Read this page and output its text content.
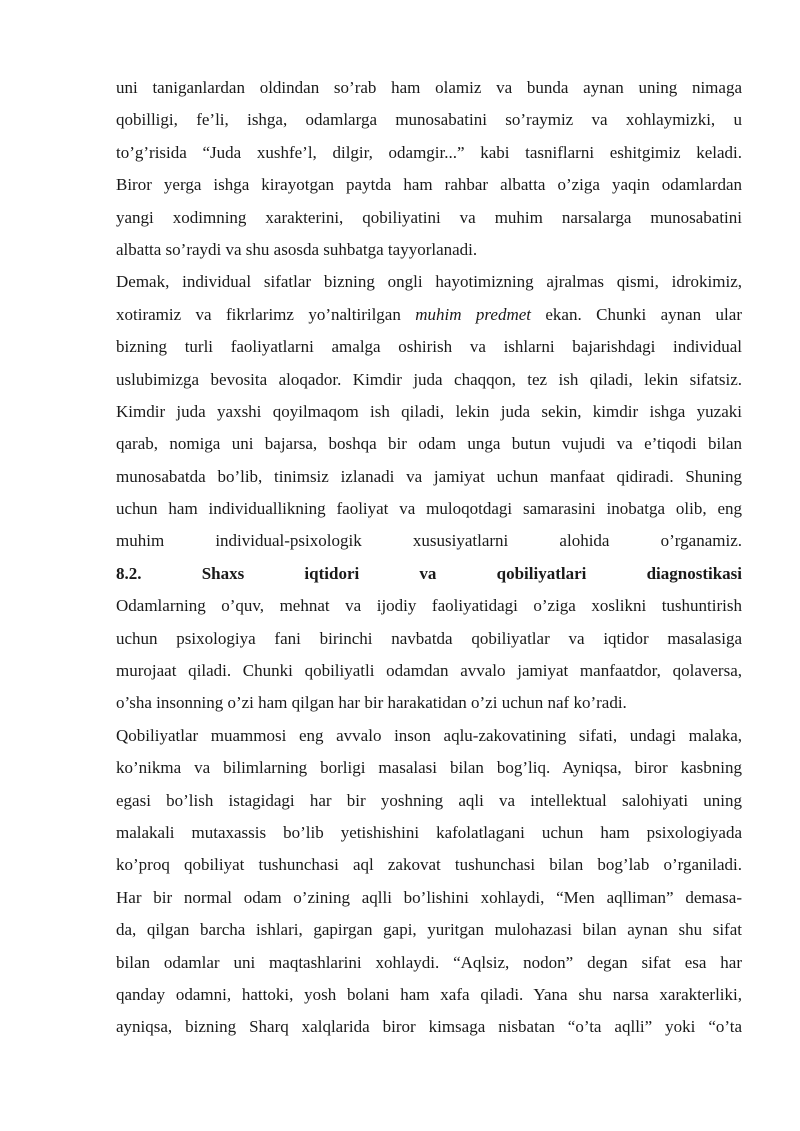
uni taniganlardan oldindan so’rab ham olamiz va bunda aynan uning nimaga
qobilligi, fe’li, ishga, odamlarga munosabatini so’raymiz va xohlaymizki, u
to’g’risida “Juda xushfe’l, dilgir, odamgir...” kabi tasniflarni eshitgimiz keladi.
Biror yerga ishga kirayotgan paytda ham rahbar albatta o’ziga yaqin odamlardan
yangi xodimning xarakterini, qobiliyatini va muhim narsalarga munosabatini
albatta so’raydi va shu asosda suhbatga tayyorlanadi.
Demak, individual sifatlar bizning ongli hayotimizning ajralmas qismi, idrokimiz,
xotiramiz va fikrlarimz yo’naltirilgan muhim predmet ekan. Chunki aynan ular
bizning turli faoliyatlarni amalga oshirish va ishlarni bajarishdagi individual
uslubimizga bevosita aloqador. Kimdir juda chaqqon, tez ish qiladi, lekin sifatsiz.
Kimdir juda yaxshi qoyilmaqom ish qiladi, lekin juda sekin, kimdir ishga yuzaki
qarab, nomiga uni bajarsa, boshqa bir odam unga butun vujudi va e’tiqodi bilan
munosabatda bo’lib, tinimsiz izlanadi va jamiyat uchun manfaat qidiradi. Shuning
uchun ham individuallikning faoliyat va muloqotdagi samarasini inobatga olib, eng
muhim individual-psixologik xususiyatlarni alohida o’rganamiz.
8.2. Shaxs iqtidori va qobiliyatlari diagnostikasi
Odamlarning o’quv, mehnat va ijodiy faoliyatidagi o’ziga xoslikni tushuntirish
uchun psixologiya fani birinchi navbatda qobiliyatlar va iqtidor masalasiga
murojaat qiladi. Chunki qobiliyatli odamdan avvalo jamiyat manfaatdor, qolaversa,
o’sha insonning o’zi ham qilgan har bir harakatidan o’zi uchun naf ko’radi.
Qobiliyatlar muammosi eng avvalo inson aqlu-zakovatining sifati, undagi malaka,
ko’nikma va bilimlarning borligi masalasi bilan bog’liq. Ayniqsa, biror kasbning
egasi bo’lish istagidagi har bir yoshning aqli va intellektual salohiyati uning
malakali mutaxassis bo’lib yetishishini kafolatlagani uchun ham psixologiyada
ko’proq qobiliyat tushunchasi aql zakovat tushunchasi bilan bog’lab o’rganiladi.
Har bir normal odam o’zining aqlli bo’lishini xohlaydi, “Men aqlliman” demasa-
da, qilgan barcha ishlari, gapirgan gapi, yuritgan mulohazasi bilan aynan shu sifat
bilan odamlar uni maqtashlarini xohlaydi. “Aqlsiz, nodon” degan sifat esa har
qanday odamni, hattoki, yosh bolani ham xafa qiladi. Yana shu narsa xarakterliki,
ayniqsa, bizning Sharq xalqlarida biror kimsaga nisbatan “o’ta aqlli” yoki “o’ta
